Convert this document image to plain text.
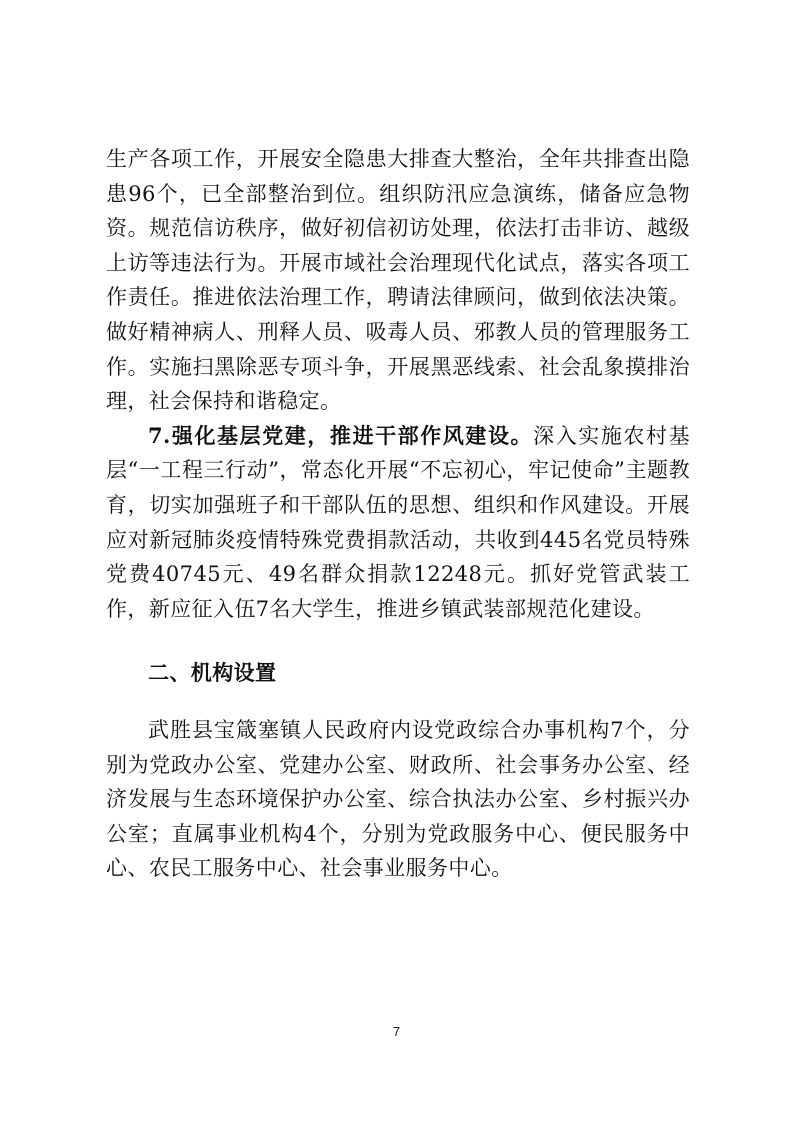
生产各项工作，开展安全隐患大排查大整治，全年共排查出隐患96个，已全部整治到位。组织防汛应急演练，储备应急物资。规范信访秩序，做好初信初访处理，依法打击非访、越级上访等违法行为。开展市域社会治理现代化试点，落实各项工作责任。推进依法治理工作，聘请法律顾问，做到依法决策。做好精神病人、刑释人员、吸毒人员、邪教人员的管理服务工作。实施扫黑除恶专项斗争，开展黑恶线索、社会乱象摸排治理，社会保持和谐稳定。

7.强化基层党建，推进干部作风建设。深入实施农村基层“一工程三行动”，常态化开展“不忘初心，牢记使命”主题教育，切实加强班子和干部队伍的思想、组织和作风建设。开展应对新冠肺炎疫情特殊党费捐款活动，共收到445名党员特殊党费40745元、49名群众捐款12248元。抓好党管武装工作，新应征入伍7名大学生，推进乡镇武装部规范化建设。

二、机构设置

武胜县宝箴塞镇人民政府内设党政综合办事机构7个，分别为党政办公室、党建办公室、财政所、社会事务办公室、经济发展与生态环境保护办公室、综合执法办公室、乡村振兴办公室；直属事业机构4个，分别为党政服务中心、便民服务中心、农民工服务中心、社会事业服务中心。

7
